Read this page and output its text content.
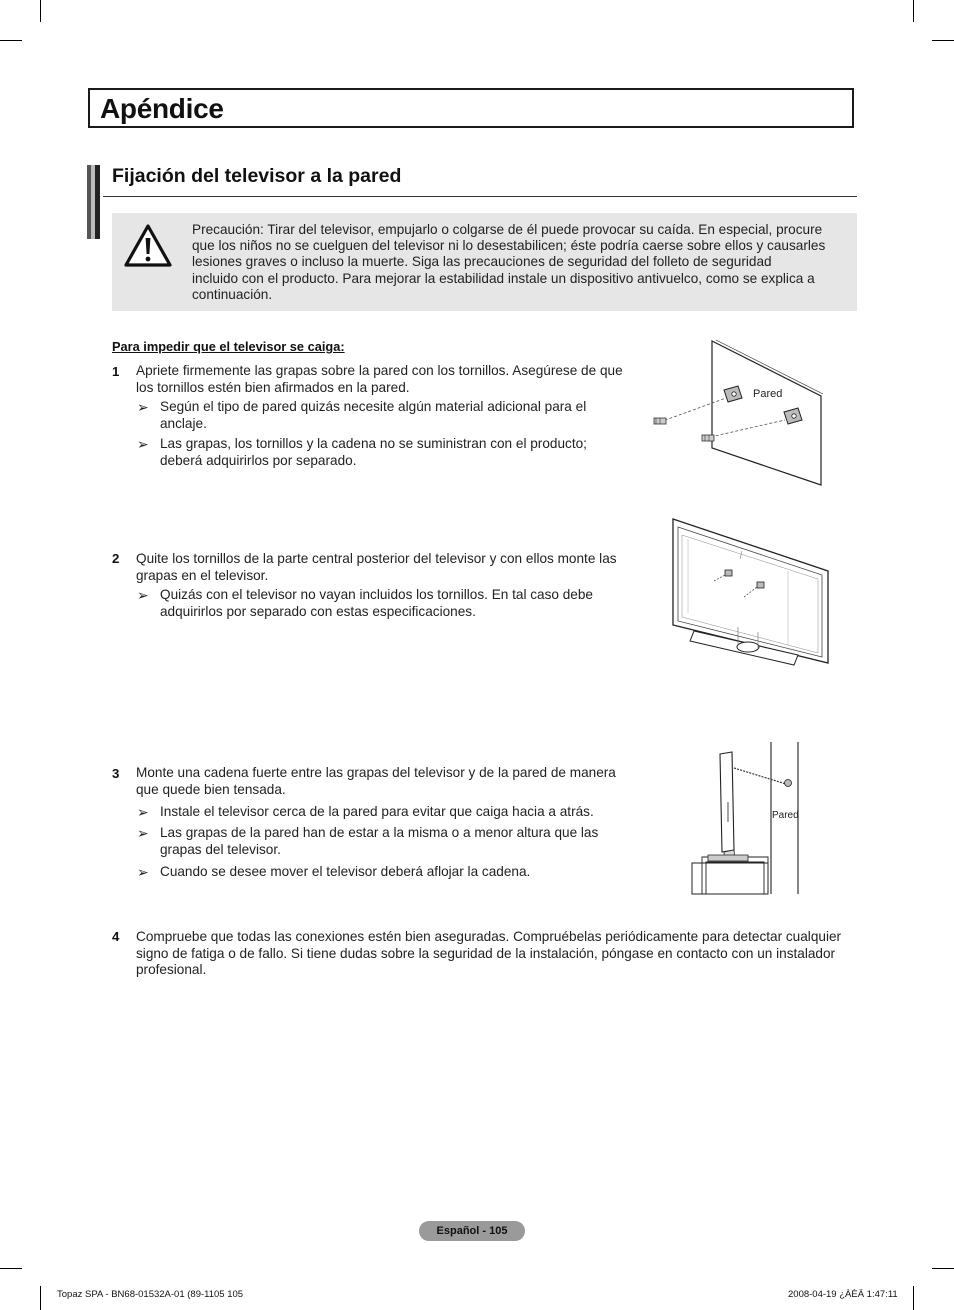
Apéndice
Fijación del televisor a la pared
Precaución: Tirar del televisor, empujarlo o colgarse de él puede provocar su caída. En especial, procure
que los niños no se cuelguen del televisor ni lo desestabilicen; éste podría caerse sobre ellos y causarles
lesiones graves o incluso la muerte. Siga las precauciones de seguridad del folleto de seguridad
incluido con el producto. Para mejorar la estabilidad instale un dispositivo antivuelco, como se explica a
continuación.
Para impedir que el televisor se caiga:
1 Apriete firmemente las grapas sobre la pared con los tornillos. Asegúrese de que
los tornillos estén bien afirmados en la pared.
➢ Según el tipo de pared quizás necesite algún material adicional para el
anclaje.
➢ Las grapas, los tornillos y la cadena no se suministran con el producto;
deberá adquirirlos por separado.
Pared
2 Quite los tornillos de la parte central posterior del televisor y con ellos monte las
grapas en el televisor.
➢ Quizás con el televisor no vayan incluidos los tornillos. En tal caso debe
adquirirlos por separado con estas especificaciones.
3 Monte una cadena fuerte entre las grapas del televisor y de la pared de manera
que quede bien tensada.
➢ Instale el televisor cerca de la pared para evitar que caiga hacia a atrás.
➢ Las grapas de la pared han de estar a la misma o a menor altura que las
grapas del televisor.
➢ Cuando se desee mover el televisor deberá aflojar la cadena.
Pared
4 Compruebe que todas las conexiones estén bien aseguradas. Compruébelas periódicamente para detectar cualquier
signo de fatiga o de fallo. Si tiene dudas sobre la seguridad de la instalación, póngase en contacto con un instalador
profesional.
Español - 105
Topaz SPA - BN68-01532A-01 (89-1105 105	2008-04-19 ¿ÀÈÄ 1:47:11
